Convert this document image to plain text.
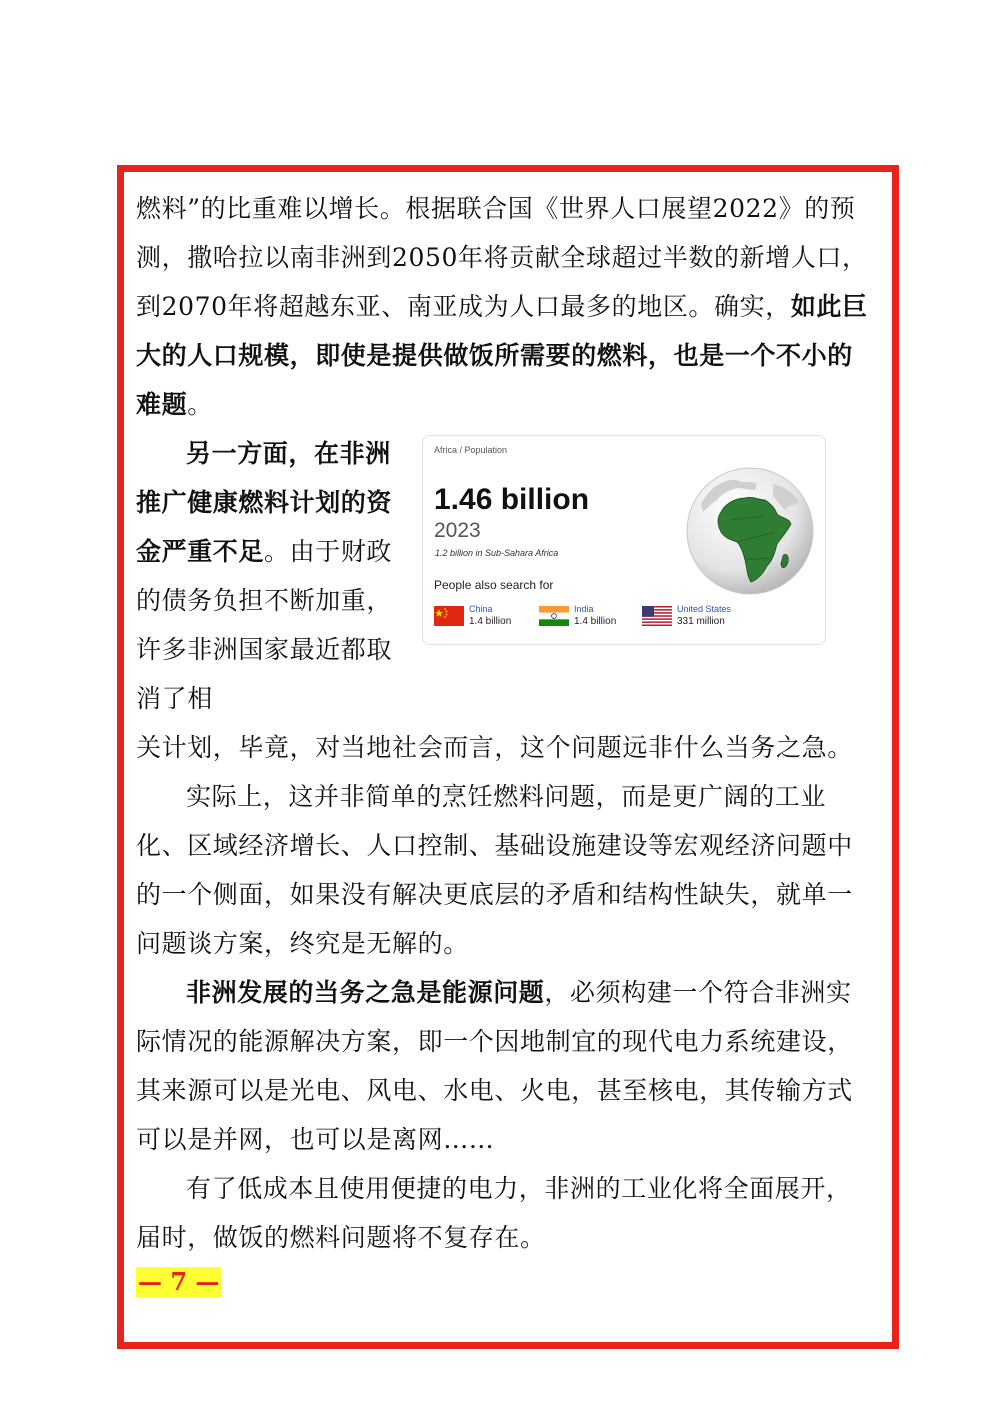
燃料”的比重难以增长。根据联合国《世界人口展望2022》的预测，撒哈拉以南非洲到2050年将贡献全球超过半数的新增人口，到2070年将超越东亚、南亚成为人口最多的地区。确实，如此巨大的人口规模，即使是提供做饭所需要的燃料，也是一个不小的难题。

另一方面，在非洲推广健康燃料计划的资金严重不足。由于财政的债务负担不断加重，许多非洲国家最近都取消了相

Africa / Population
1.46 billion
2023
1.2 billion in Sub-Sahara Africa
People also search for
China
1.4 billion
India
1.4 billion
United States
331 million

关计划，毕竟，对当地社会而言，这个问题远非什么当务之急。

实际上，这并非简单的烹饪燃料问题，而是更广阔的工业化、区域经济增长、人口控制、基础设施建设等宏观经济问题中的一个侧面，如果没有解决更底层的矛盾和结构性缺失，就单一问题谈方案，终究是无解的。

非洲发展的当务之急是能源问题，必须构建一个符合非洲实际情况的能源解决方案，即一个因地制宜的现代电力系统建设，其来源可以是光电、风电、水电、火电，甚至核电，其传输方式可以是并网，也可以是离网……

有了低成本且使用便捷的电力，非洲的工业化将全面展开，届时，做饭的燃料问题将不复存在。

— 7 —
